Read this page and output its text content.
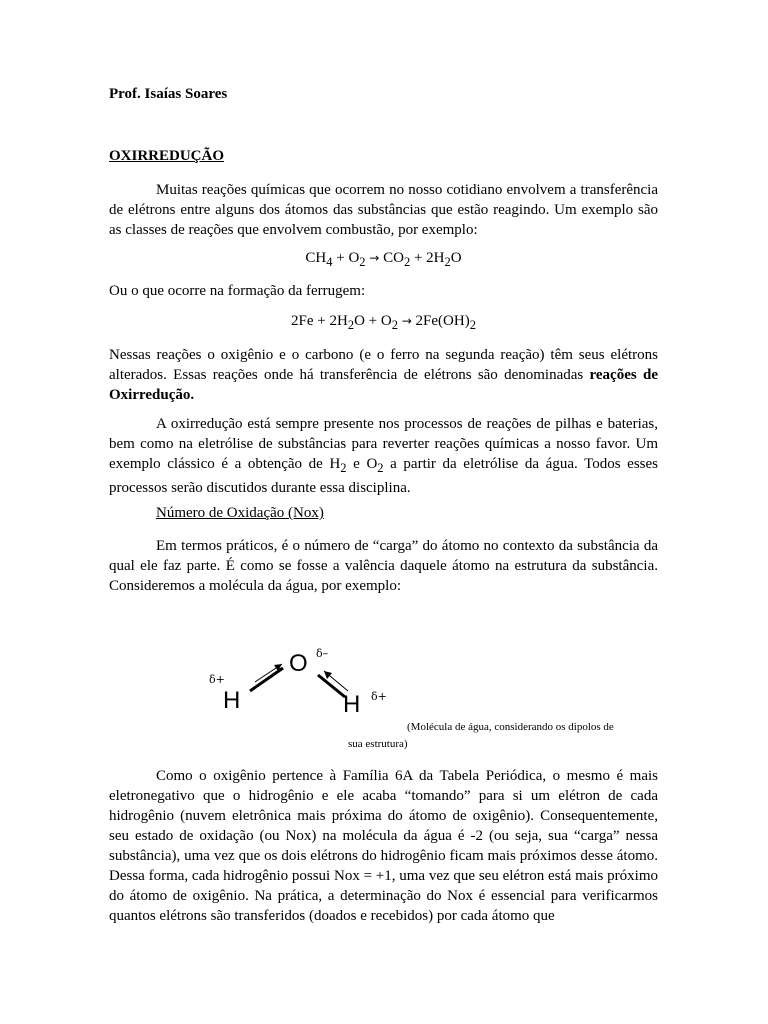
Prof. Isaías Soares

OXIRREDUÇÃO

Muitas reações químicas que ocorrem no nosso cotidiano envolvem a transferência de elétrons entre alguns dos átomos das substâncias que estão reagindo. Um exemplo são as classes de reações que envolvem combustão, por exemplo:

$CH_4 + O_2 \to CO_2 + 2H_2O$

Ou o que ocorre na formação da ferrugem:

$2Fe + 2H_2O + O_2 \to 2Fe(OH)_2$

Nessas reações o oxigênio e o carbono (e o ferro na segunda reação) têm seus elétrons alterados. Essas reações onde há transferência de elétrons são denominadas reações de Oxirredução.

A oxirredução está sempre presente nos processos de reações de pilhas e baterias, bem como na eletrólise de substâncias para reverter reações químicas a nosso favor. Um exemplo clássico é a obtenção de $H_2$ e $O_2$ a partir da eletrólise da água. Todos esses processos serão discutidos durante essa disciplina.

Número de Oxidação (Nox)

Em termos práticos, é o número de “carga” do átomo no contexto da substância da qual ele faz parte. É como se fosse a valência daquele átomo na estrutura da substância. Consideremos a molécula da água, por exemplo:

O
H	H
δ–
δ+
δ+

(Molécula de água, considerando os dipolos de

sua estrutura)

Como o oxigênio pertence à Família 6A da Tabela Periódica, o mesmo é mais eletronegativo que o hidrogênio e ele acaba “tomando” para si um elétron de cada hidrogênio (nuvem eletrônica mais próxima do átomo de oxigênio). Consequentemente, seu estado de oxidação (ou Nox) na molécula da água é -2 (ou seja, sua “carga” nessa substância), uma vez que os dois elétrons do hidrogênio ficam mais próximos desse átomo. Dessa forma, cada hidrogênio possui Nox = +1, uma vez que seu elétron está mais próximo do átomo de oxigênio. Na prática, a determinação do Nox é essencial para verificarmos quantos elétrons são transferidos (doados e recebidos) por cada átomo que
